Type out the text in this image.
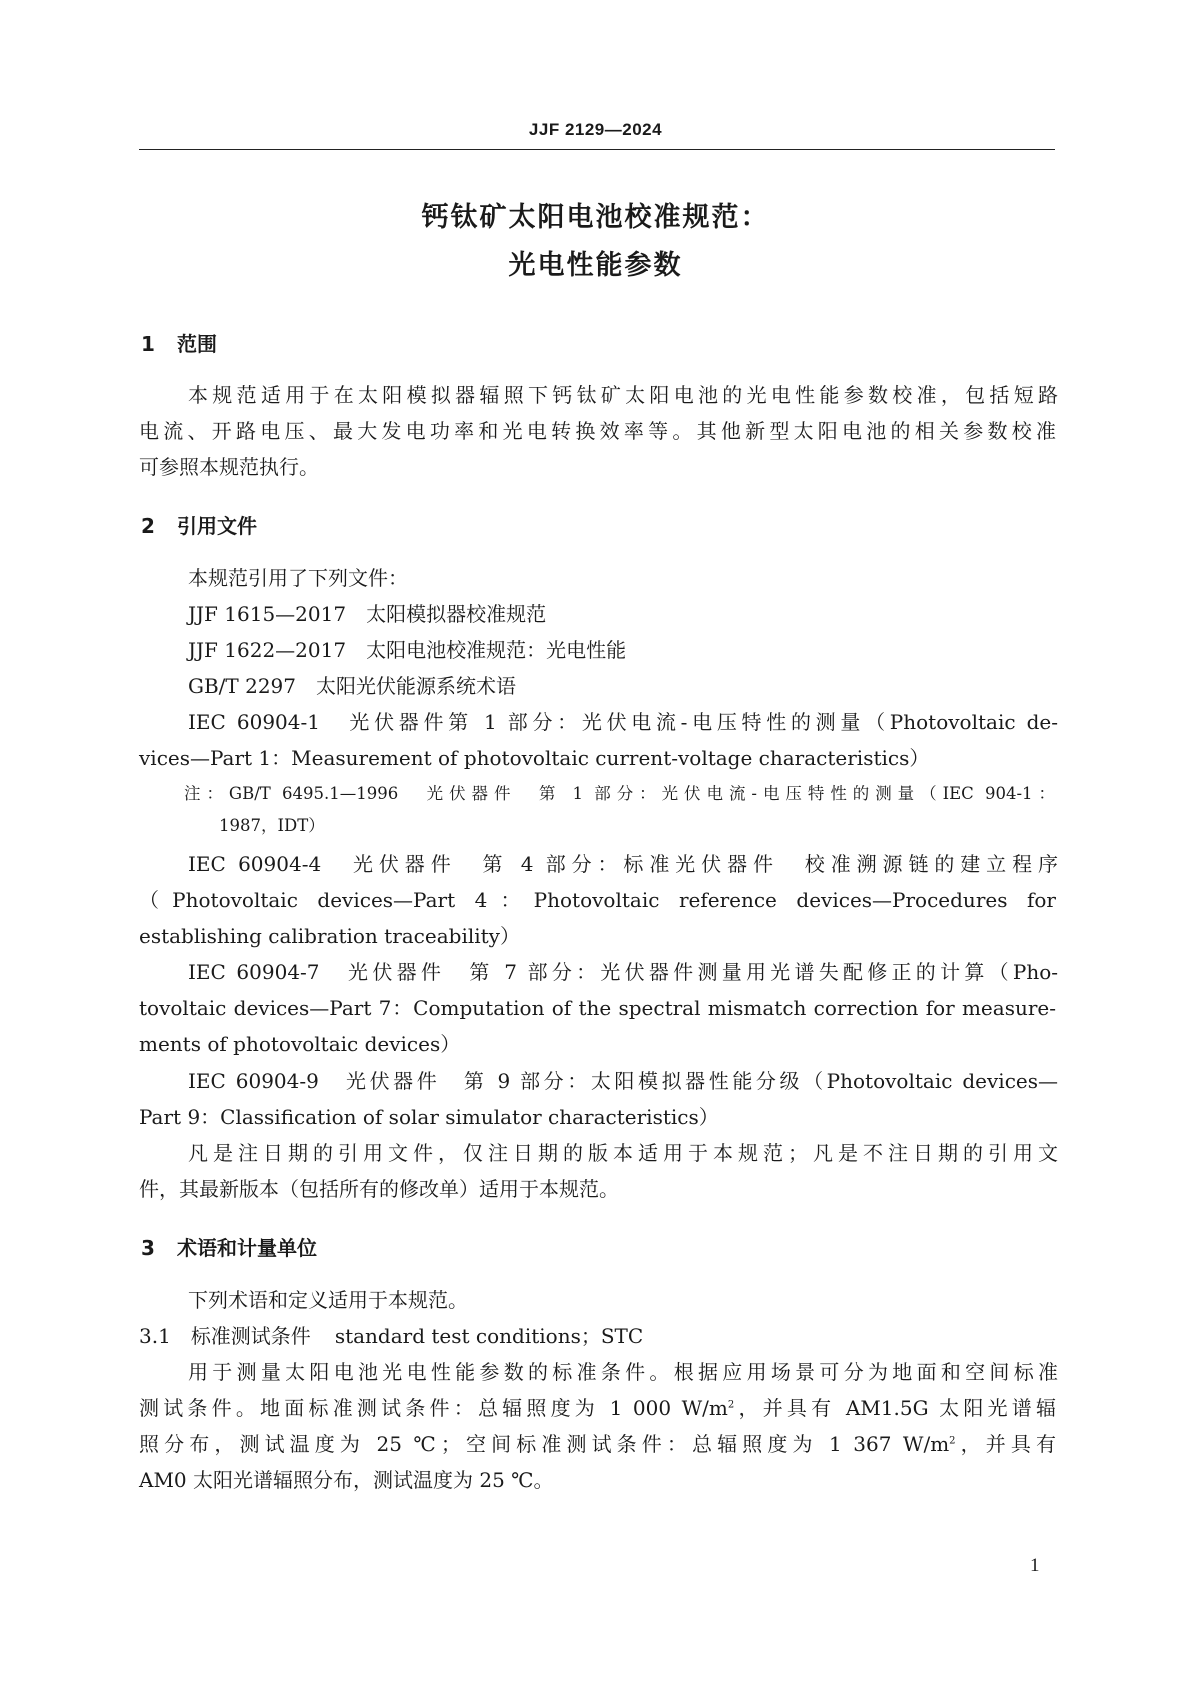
JJF 2129—2024
钙钛矿太阳电池校准规范：
光电性能参数
1 范围
本规范适用于在太阳模拟器辐照下钙钛矿太阳电池的光电性能参数校准，包括短路
电流、开路电压、最大发电功率和光电转换效率等。其他新型太阳电池的相关参数校准
可参照本规范执行。
2 引用文件
本规范引用了下列文件：
JJF 1615—2017　太阳模拟器校准规范
JJF 1622—2017　太阳电池校准规范：光电性能
GB/T 2297　太阳光伏能源系统术语
IEC 60904-1　光伏器件第 1 部分：光伏电流-电压特性的测量（Photovoltaic de-
vices—Part 1：Measurement of photovoltaic current-voltage characteristics）
注：GB/T 6495.1—1996　光伏器件　第 1 部分：光伏电流-电压特性的测量（IEC 904-1：
1987，IDT）
IEC 60904-4　光伏器件　第 4 部分：标准光伏器件　校准溯源链的建立程序
（Photovoltaic devices—Part 4：Photovoltaic reference devices—Procedures for
establishing calibration traceability）
IEC 60904-7　光伏器件　第 7 部分：光伏器件测量用光谱失配修正的计算（Pho-
tovoltaic devices—Part 7：Computation of the spectral mismatch correction for measure-
ments of photovoltaic devices）
IEC 60904-9　光伏器件　第 9 部分：太阳模拟器性能分级（Photovoltaic devices—
Part 9：Classification of solar simulator characteristics）
凡是注日期的引用文件，仅注日期的版本适用于本规范；凡是不注日期的引用文
件，其最新版本（包括所有的修改单）适用于本规范。
3 术语和计量单位
下列术语和定义适用于本规范。
3.1 标准测试条件 standard test conditions；STC
用于测量太阳电池光电性能参数的标准条件。根据应用场景可分为地面和空间标准
测试条件。地面标准测试条件：总辐照度为 1 000 $W/m^2$，并具有 AM1.5G 太阳光谱辐
照分布，测试温度为 25 ℃；空间标准测试条件：总辐照度为 1 367 $W/m^2$，并具有
AM0 太阳光谱辐照分布，测试温度为 25 ℃。
1
